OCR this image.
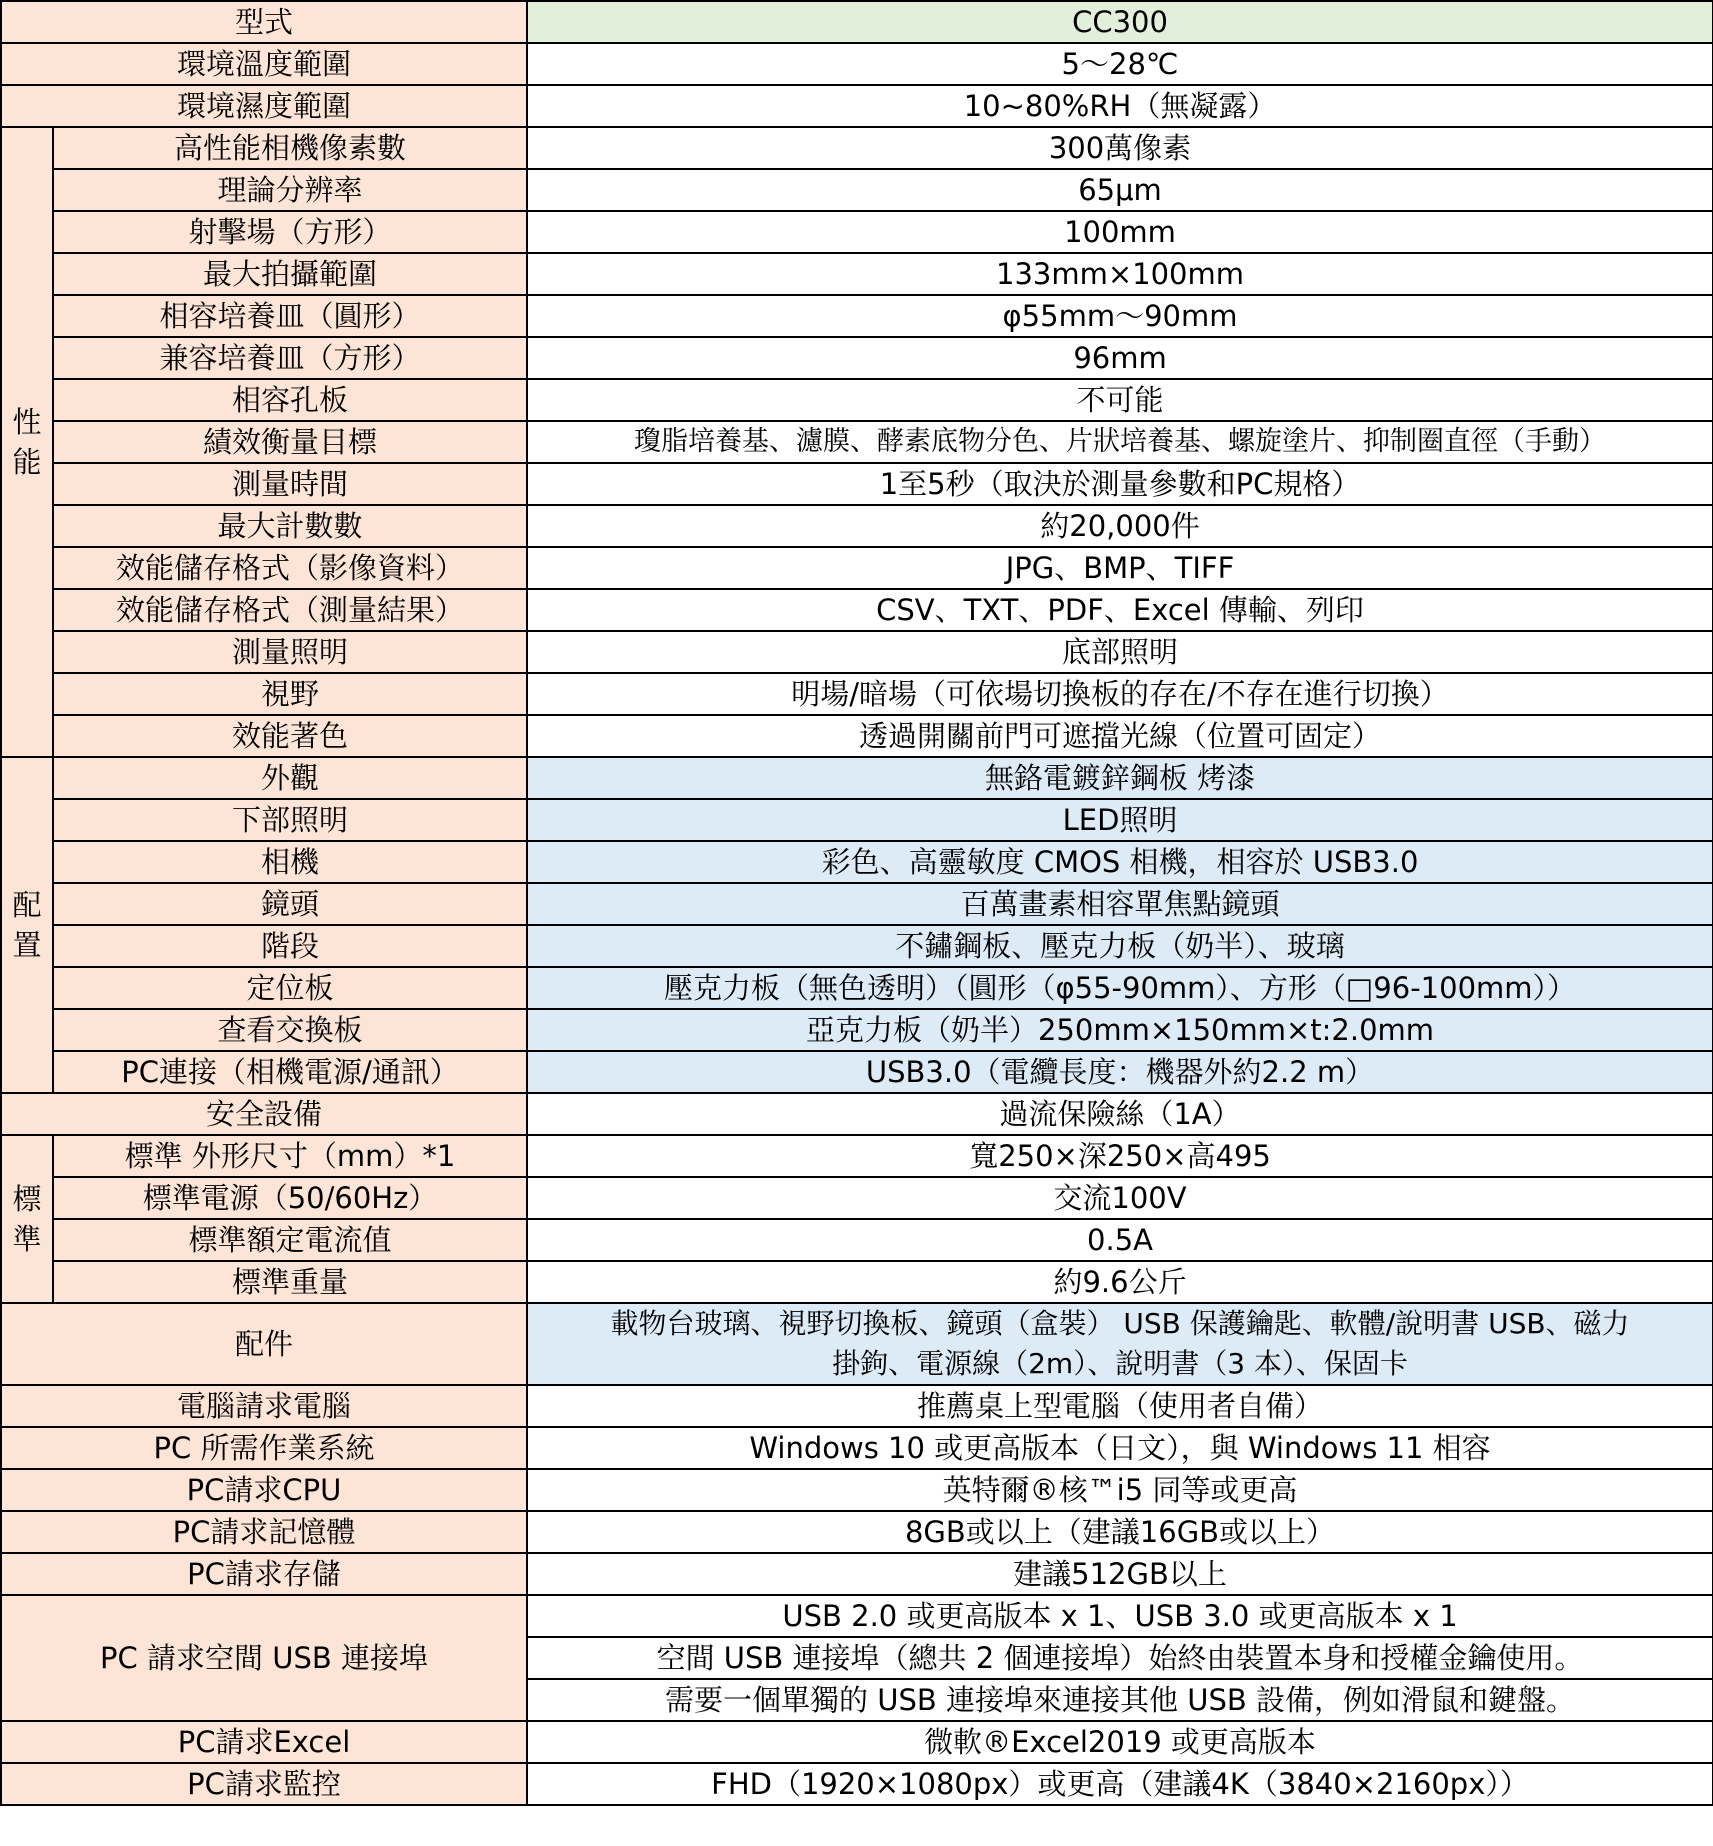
型式		CC300
環境溫度範圍		5～28℃
環境濕度範圍		10~80%RH（無凝露）

性
能	高性能相機像素數	300萬像素
	理論分辨率	65μm
	射擊場（方形）	100mm
	最大拍攝範圍	133mm×100mm
	相容培養皿（圓形）	φ55mm～90mm
	兼容培養皿（方形）	96mm
	相容孔板	不可能
	績效衡量目標	瓊脂培養基、濾膜、酵素底物分色、片狀培養基、螺旋塗片、抑制圈直徑（手動）
	測量時間	1至5秒（取決於測量參數和PC規格）
	最大計數數	約20,000件
	效能儲存格式（影像資料）	JPG、BMP、TIFF
	效能儲存格式（測量結果）	CSV、TXT、PDF、Excel 傳輸、列印
	測量照明	底部照明
	視野	明場/暗場（可依場切換板的存在/不存在進行切換）
	效能著色	透過開關前門可遮擋光線（位置可固定）

配
置	外觀	無鉻電鍍鋅鋼板 烤漆
	下部照明	LED照明
	相機	彩色、高靈敏度 CMOS 相機，相容於 USB3.0
	鏡頭	百萬畫素相容單焦點鏡頭
	階段	不鏽鋼板、壓克力板（奶半）、玻璃
	定位板	壓克力板（無色透明）（圓形（φ55-90mm）、方形（□96-100mm））
	查看交換板	亞克力板（奶半）250mm×150mm×t:2.0mm
	PC連接（相機電源/通訊）	USB3.0（電纜長度：機器外約2.2 m）
安全設備		過流保險絲（1A）

標
準	標準 外形尺寸（mm）*1	寬250×深250×高495
	標準電源（50/60Hz）	交流100V
	標準額定電流值	0.5A
	標準重量	約9.6公斤
配件		載物台玻璃、視野切換板、鏡頭（盒裝） USB 保護鑰匙、軟體/說明書 USB、磁力
掛鉤、電源線（2m）、說明書（3 本）、保固卡

電腦請求電腦		推薦桌上型電腦（使用者自備）
PC 所需作業系統		Windows 10 或更高版本（日文），與 Windows 11 相容
PC請求CPU		英特爾®核™i5 同等或更高
PC請求記憶體		8GB或以上（建議16GB或以上）
PC請求存儲		建議512GB以上
PC 請求空間 USB 連接埠		USB 2.0 或更高版本 x 1、USB 3.0 或更高版本 x 1
		空間 USB 連接埠（總共 2 個連接埠）始終由裝置本身和授權金鑰使用。
		需要一個單獨的 USB 連接埠來連接其他 USB 設備，例如滑鼠和鍵盤。
PC請求Excel		微軟®Excel2019 或更高版本
PC請求監控		FHD（1920×1080px）或更高（建議4K（3840×2160px））
